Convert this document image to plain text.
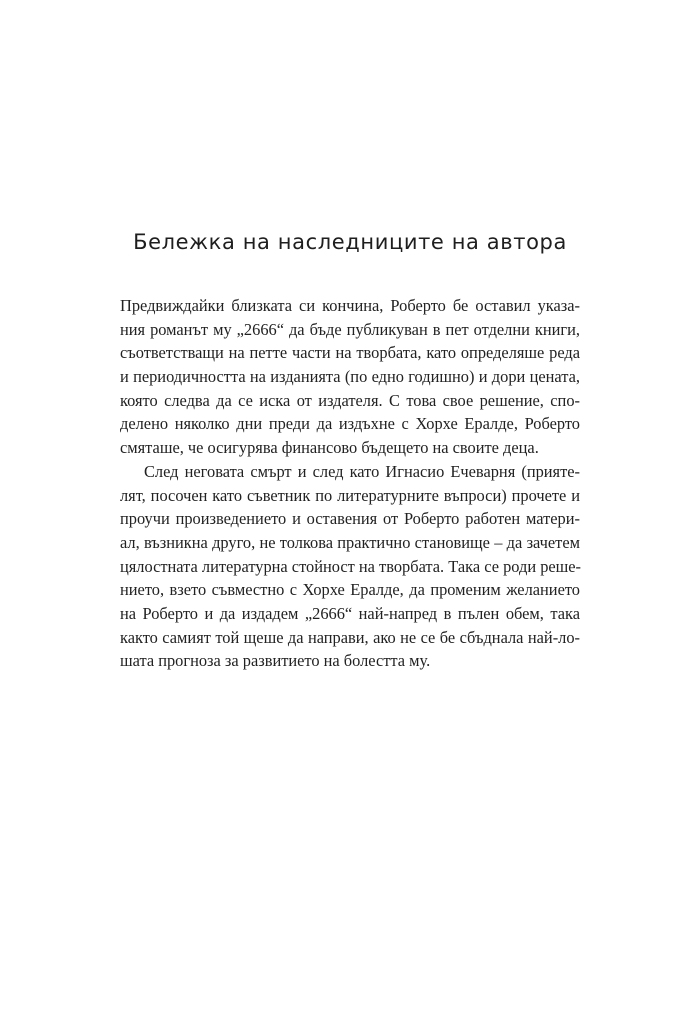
Бележка на наследниците на автора
Предвиждайки близката си кончина, Роберто бе оставил указа-
ния романът му „2666“ да бъде публикуван в пет отделни книги,
съответстващи на петте части на творбата, като определяше реда
и периодичността на изданията (по едно годишно) и дори цената,
която следва да се иска от издателя. С това свое решение, спо-
делено няколко дни преди да издъхне с Хорхе Ералде, Роберто
смяташе, че осигурява финансово бъдещето на своите деца.
След неговата смърт и след като Игнасио Ечеварня (прияте-
лят, посочен като съветник по литературните въпроси) прочете и
проучи произведението и оставения от Роберто работен матери-
ал, възникна друго, не толкова практично становище – да зачетем
цялостната литературна стойност на творбата. Така се роди реше-
нието, взето съвместно с Хорхе Ералде, да променим желанието
на Роберто и да издадем „2666“ най-напред в пълен обем, така
както самият той щеше да направи, ако не се бе сбъднала най-ло-
шата прогноза за развитието на болестта му.
